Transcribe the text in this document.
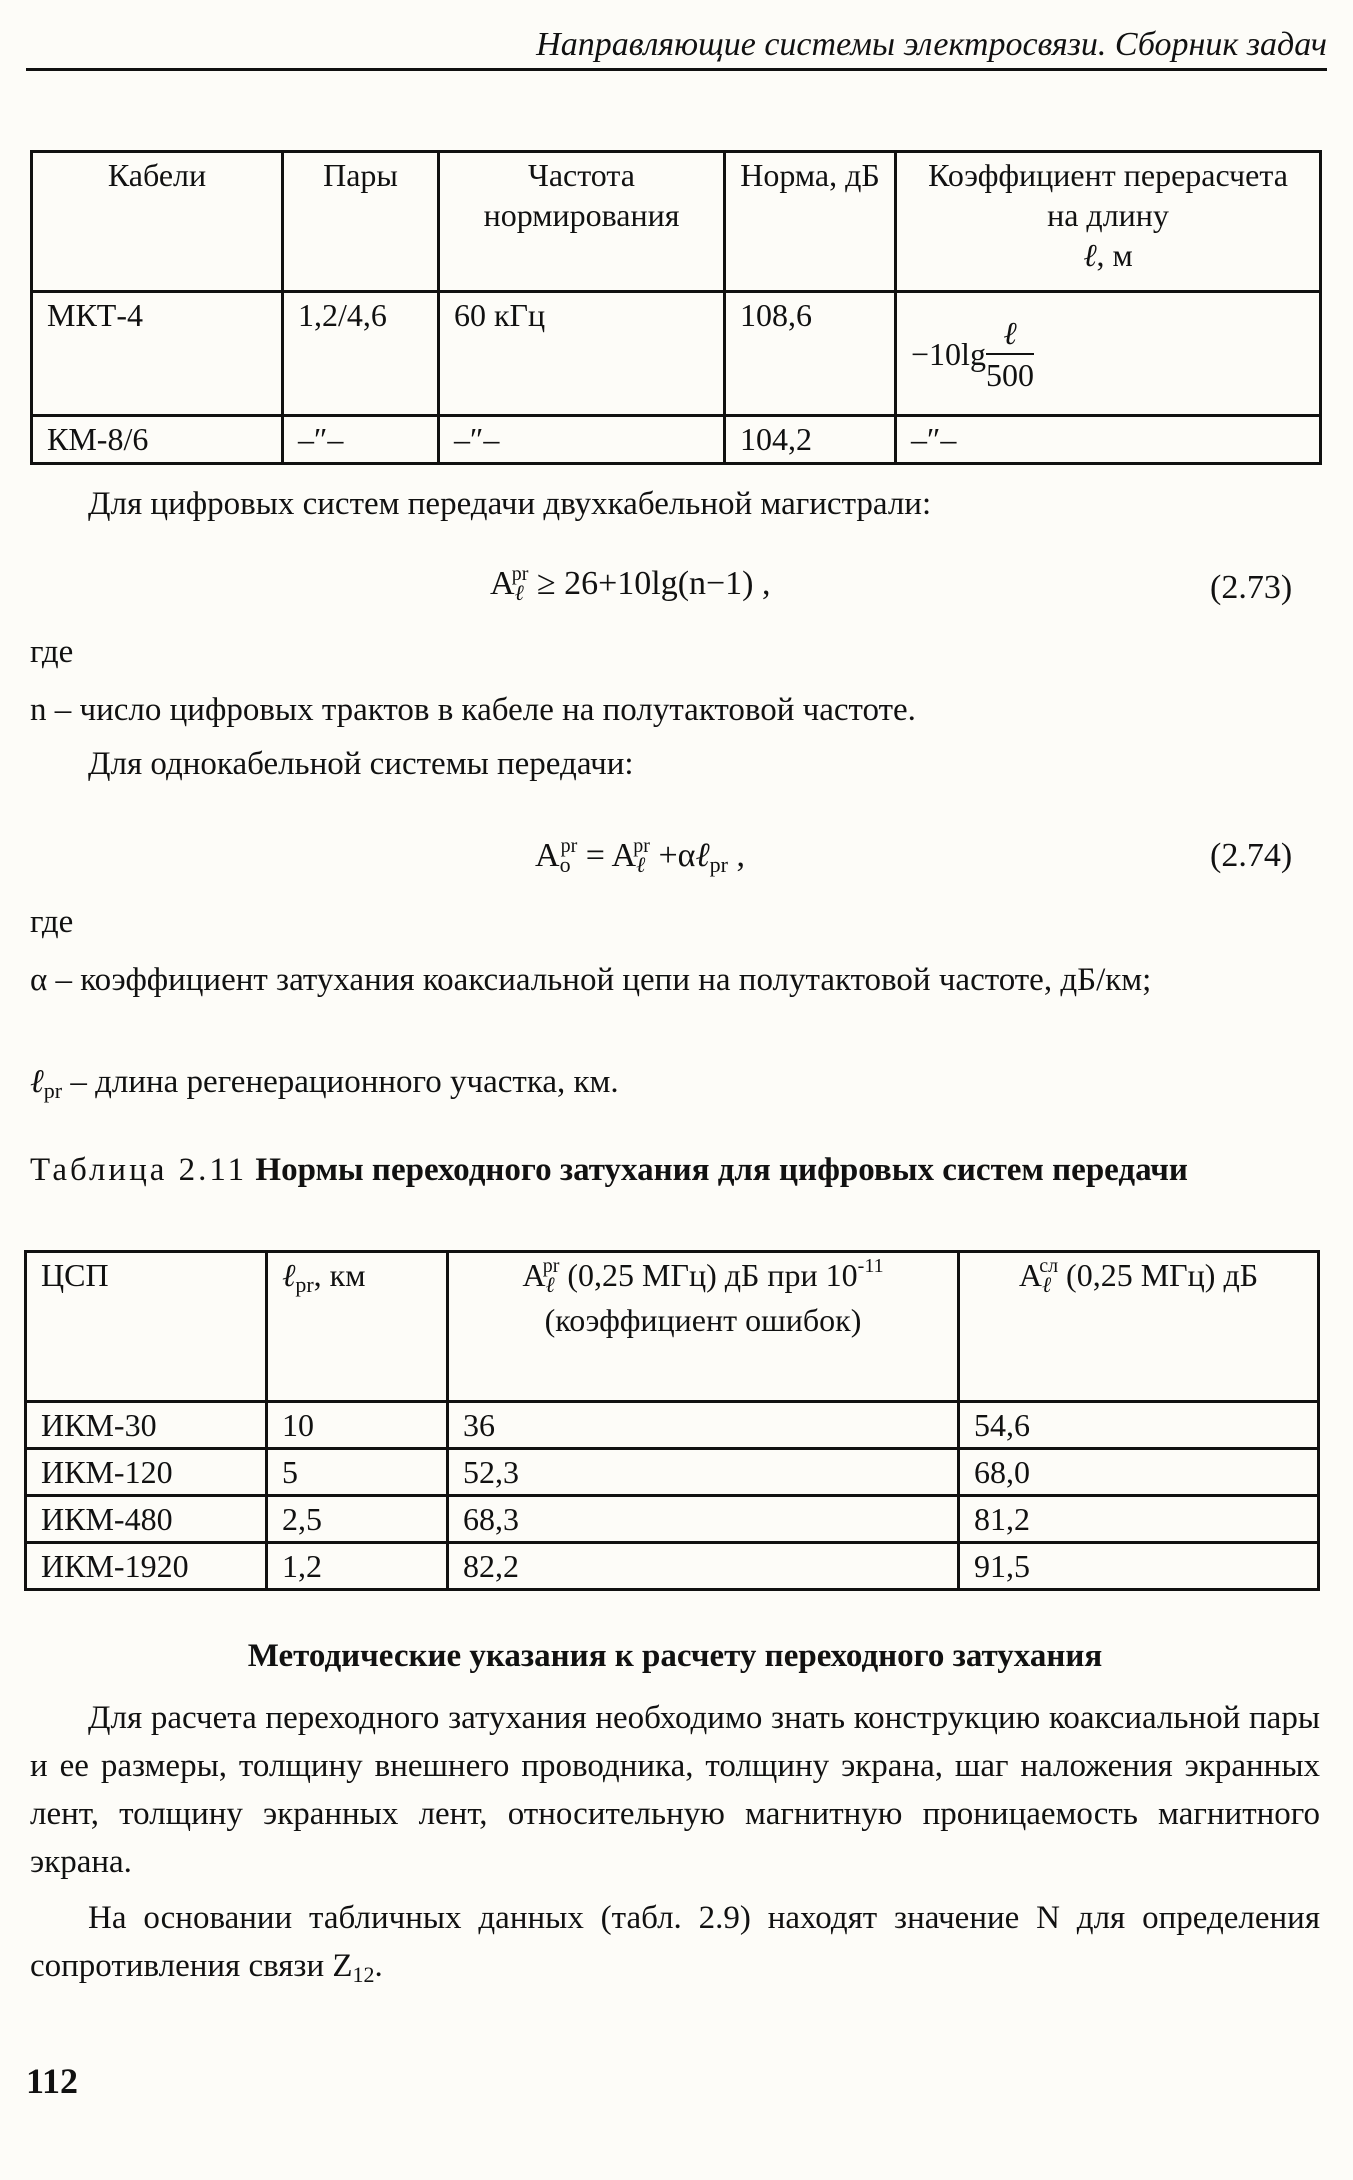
Направляющие системы электросвязи. Сборник задач
Кабели	Пары	Частота нормирования	Норма, дБ	Коэффициент перерасчета на длину
ℓ, м
МКТ-4	1,2/4,6	60 кГц	108,6	$-10\lg \frac{\text{ℓ}}{500}$

КМ-8/6	–″–	–″–	104,2	–″–
Для цифровых систем передачи двухкабельной магистрали:
Aℓ$^{pr}$ ≥ 26+10lg(n−1) ,	(2.73)
где
n – число цифровых трактов в кабеле на полутактовой частоте.
Для однокабельной системы передачи:
$Ao^{pr}$ = Aℓ$^{pr}$ +αℓpr ,	(2.74)
где
α – коэффициент затухания коаксиальной цепи на полутактовой частоте, дБ/км;
ℓpr – длина регенерационного участка, км.
Таблица 2.11 Нормы переходного затухания для цифровых систем передачи
ЦСП	ℓpr, км	Aℓ$^{pr}$ (0,25 МГц) дБ при $10^{-11}$ (коэффициент ошибок)	Aℓ$^{сл}$ (0,25 МГц) дБ
ИКМ-30	10	36	54,6
ИКМ-120	5	52,3	68,0
ИКМ-480	2,5	68,3	81,2
ИКМ-1920	1,2	82,2	91,5
Методические указания к расчету переходного затухания
Для расчета переходного затухания необходимо знать конструкцию коаксиальной пары и ее размеры, толщину внешнего проводника, толщину экрана, шаг наложения экранных лент, толщину экранных лент, относительную магнитную проницаемость магнитного экрана.
На основании табличных данных (табл. 2.9) находят значение N для определения сопротивления связи Z12.
112
